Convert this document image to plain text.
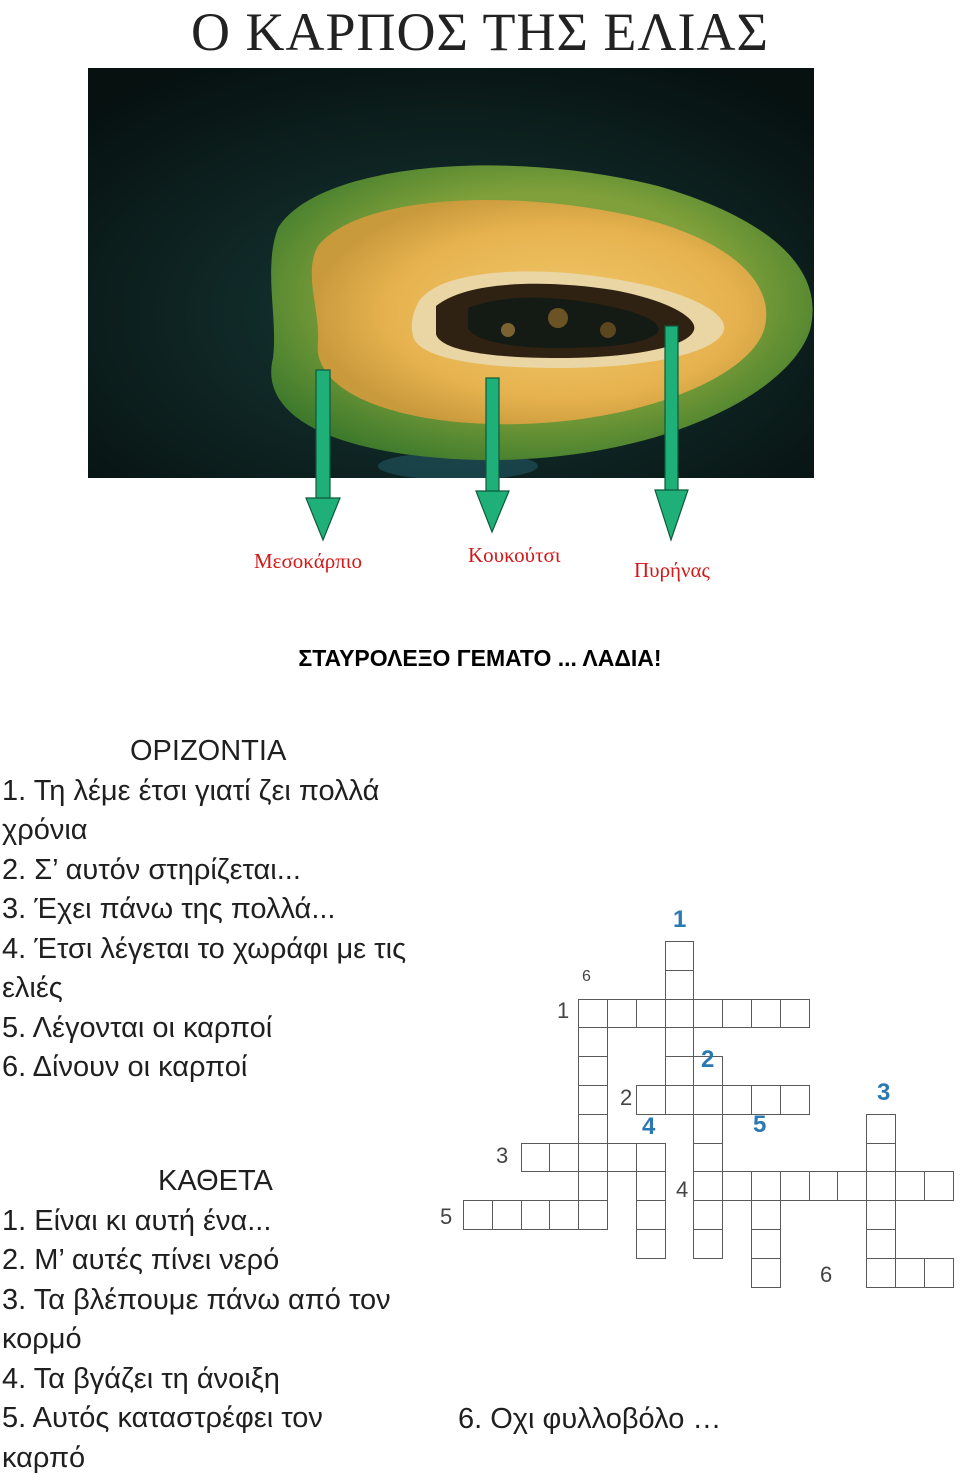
Ο ΚΑΡΠΟΣ ΤΗΣ ΕΛΙΑΣ
Μεσοκάρπιο	Κουκούτσι
Πυρήνας
ΣΤΑΥΡΟΛΕΞΟ ΓΕΜΑΤΟ ... ΛΑΔΙΑ!
ΟΡΙΖΟΝΤΙΑ
1. Τη λέμε έτσι γιατί ζει πολλά χρόνια
2. Σ’ αυτόν στηρίζεται...
3. Έχει πάνω της πολλά...
4. Έτσι λέγεται το χωράφι με τις ελιές
5. Λέγονται οι καρποί
6. Δίνουν οι καρποί
ΚΑΘΕΤΑ
1. Είναι κι αυτή ένα...
2. Μ’ αυτές πίνει νερό
3. Τα βλέπουμε πάνω από τον κορμό
4. Τα βγάζει τη άνοιξη
5. Αυτός καταστρέφει τον καρπό
6. Οχι φυλλοβόλο …
6
1
2
3
4
5
6
1
2
3
4	5
